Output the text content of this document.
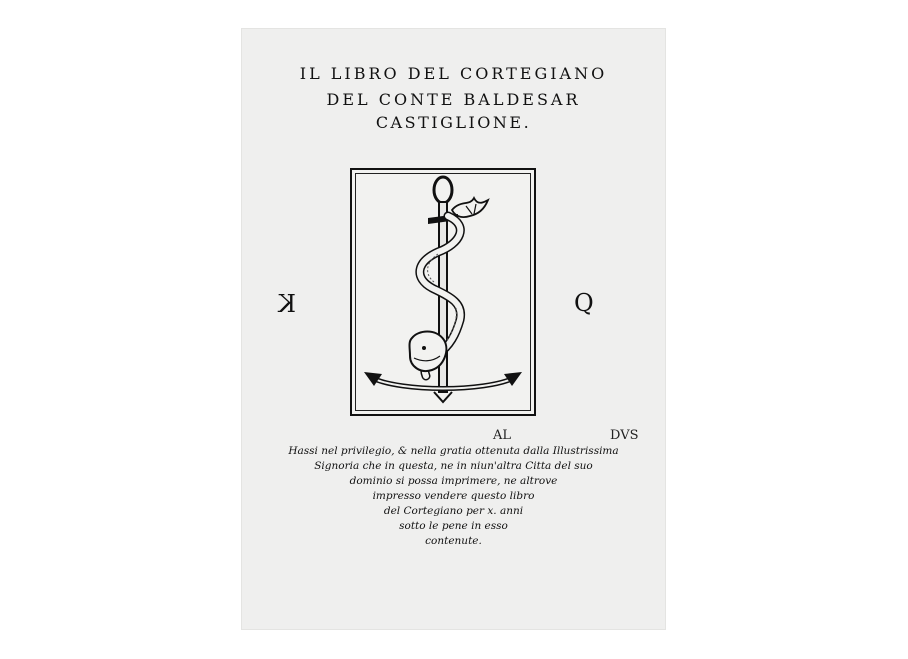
IL LIBRO DEL CORTEGIANO
DEL CONTE BALDESAR
CASTIGLIONE.
K	Q
AL	DVS
Hassi nel privilegio, & nella gratia ottenuta dalla Illustrissima
Signoria che in questa, ne in niun'altra Citta del suo
dominio si possa imprimere, ne altrove
impresso vendere questo libro
del Cortegiano per x. anni
sotto le pene in esso
contenute.
